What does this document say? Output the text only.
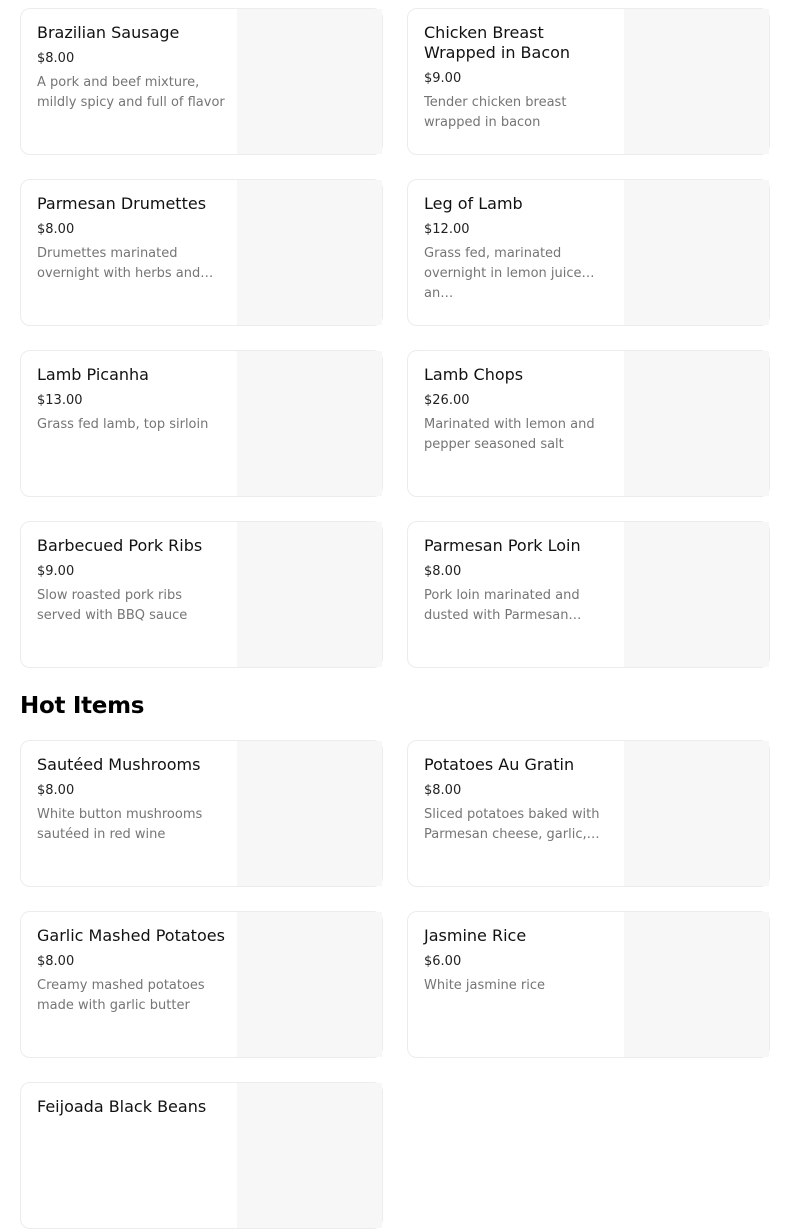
Brazilian Sausage
$8.00
A pork and beef mixture, mildly spicy and full of flavor
Chicken Breast Wrapped in Bacon
$9.00
Tender chicken breast wrapped in bacon
Parmesan Drumettes
$8.00
Drumettes marinated overnight with herbs and…
Leg of Lamb
$12.00
Grass fed, marinated overnight in lemon juice an…
Lamb Picanha
$13.00
Grass fed lamb, top sirloin
Lamb Chops
$26.00
Marinated with lemon and pepper seasoned salt
Barbecued Pork Ribs
$9.00
Slow roasted pork ribs served with BBQ sauce
Parmesan Pork Loin
$8.00
Pork loin marinated and dusted with Parmesan…
Hot Items
Sautéed Mushrooms
$8.00
White button mushrooms sautéed in red wine
Potatoes Au Gratin
$8.00
Sliced potatoes baked with Parmesan cheese, garlic,…
Garlic Mashed Potatoes
$8.00
Creamy mashed potatoes made with garlic butter
Jasmine Rice
$6.00
White jasmine rice
Feijoada Black Beans
